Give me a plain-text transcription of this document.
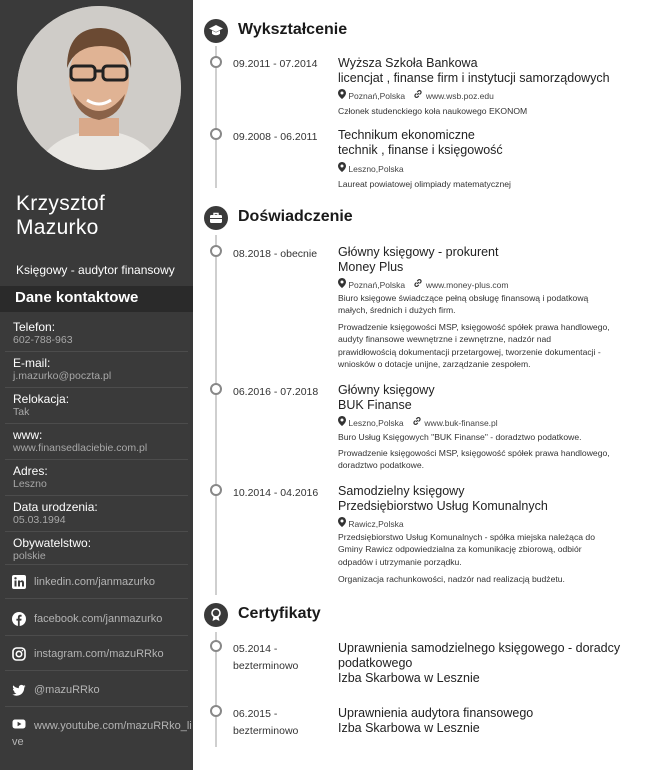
Krzysztof
Mazurko
Księgowy - audytor finansowy
Dane kontaktowe
Telefon:
602-788-963
E-mail:
j.mazurko@poczta.pl
Relokacja:
Tak
www:
www.finansedlaciebie.com.pl
Adres:
Leszno
Data urodzenia:
05.03.1994
Obywatelstwo:
polskie
linkedin.com/janmazurko
facebook.com/janmazurko
instagram.com/mazuRRko
@mazuRRko
www.youtube.com/mazuRRko_li
ve
Wykształcenie
09.2011 - 07.2014 Wyższa Szkoła Bankowa
licencjat , finanse firm i instytucji samorządowych
Poznań,Polska www.wsb.poz.edu
Członek studenckiego koła naukowego EKONOM
09.2008 - 06.2011 Technikum ekonomiczne
technik , finanse i księgowość
Leszno,Polska
Laureat powiatowej olimpiady matematycznej
Doświadczenie
08.2018 - obecnie Główny księgowy - prokurent
Money Plus
Poznań,Polska www.money-plus.com
Biuro księgowe świadczące pełną obsługę finansową i podatkową
małych, średnich i dużych firm.
Prowadzenie księgowości MSP, księgowość spółek prawa handlowego,
audyty finansowe wewnętrzne i zewnętrzne, nadzór nad
prawidłowością dokumentacji przetargowej, tworzenie dokumentacji -
wniosków o dotacje unijne, zarządzanie zespołem.
06.2016 - 07.2018 Główny księgowy
BUK Finanse
Leszno,Polska www.buk-finanse.pl
Buro Usług Księgowych "BUK Finanse" - doradztwo podatkowe.
Prowadzenie księgowości MSP, księgowość spółek prawa handlowego,
doradztwo podatkowe.
10.2014 - 04.2016 Samodzielny księgowy
Przedsiębiorstwo Usług Komunalnych
Rawicz,Polska
Przedsiębiorstwo Usług Komunalnych - spółka miejska należąca do
Gminy Rawicz odpowiedzialna za komunikację zbiorową, odbiór
odpadów i utrzymanie porządku.
Organizacja rachunkowości, nadzór nad realizacją budżetu.
Certyfikaty
05.2014 -
bezterminowo
Uprawnienia samodzielnego księgowego - doradcy
podatkowego
Izba Skarbowa w Lesznie
06.2015 -
bezterminowo
Uprawnienia audytora finansowego
Izba Skarbowa w Lesznie
